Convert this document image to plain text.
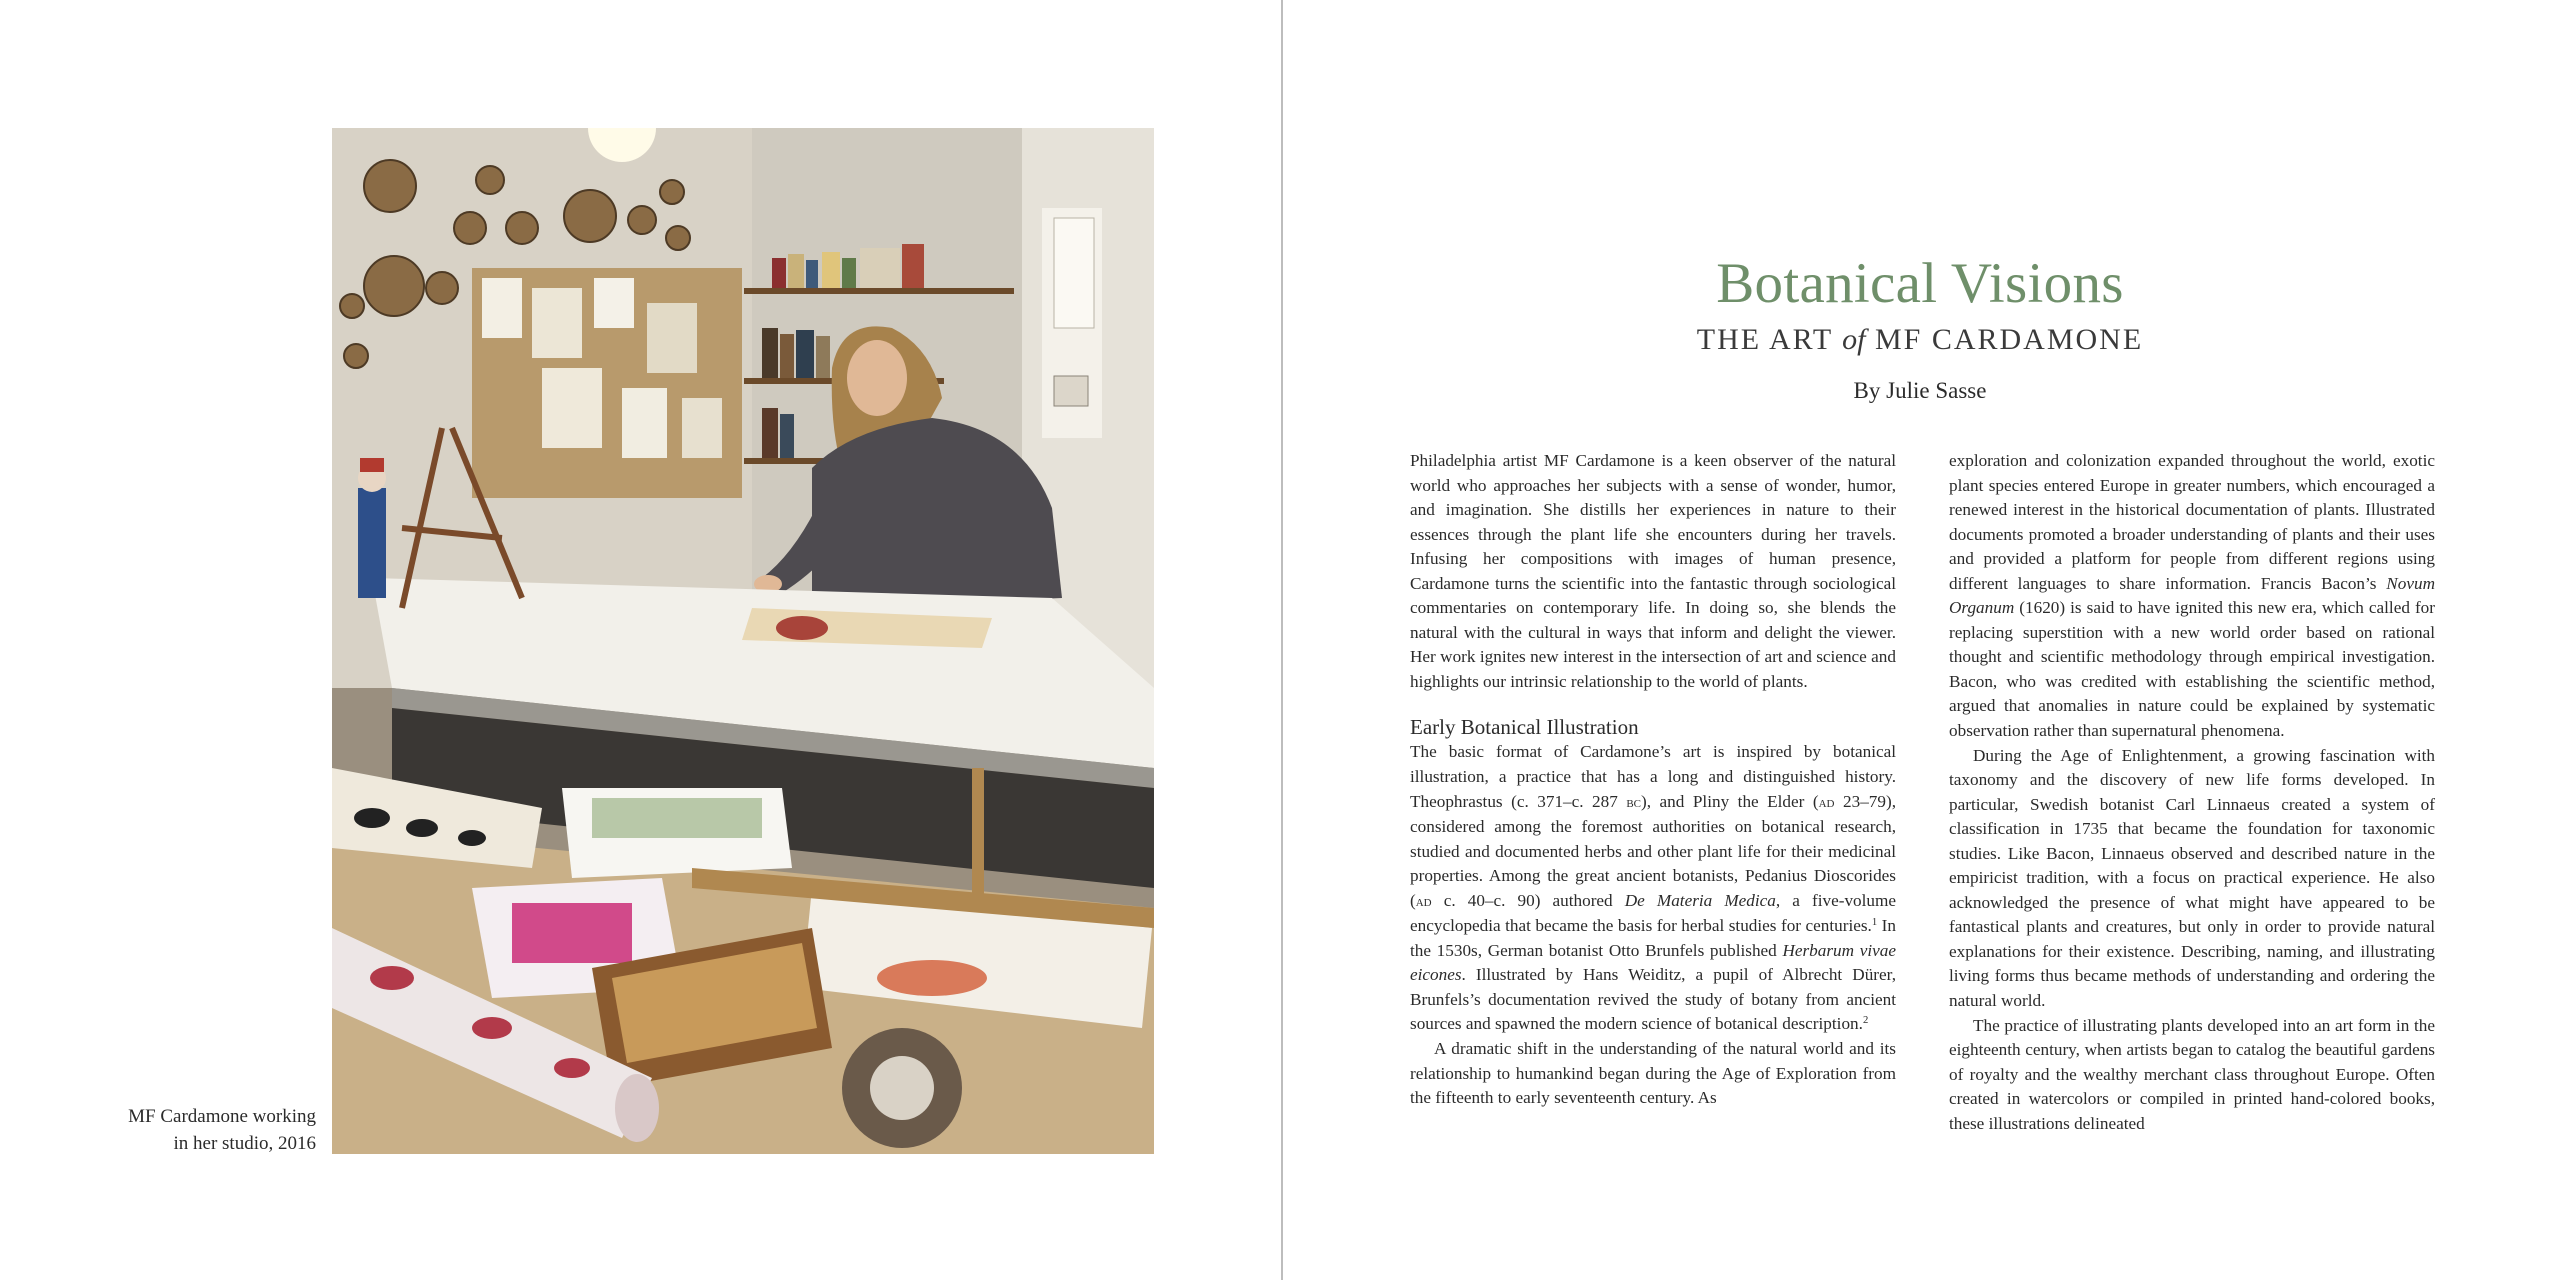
MF Cardamone working
in her studio, 2016
Botanical Visions
THE ART of MF CARDAMONE
By Julie Sasse

Philadelphia artist MF Cardamone is a keen observer of the natural world who approaches her subjects with a sense of wonder, humor, and imagination. She distills her experiences in nature to their essences through the plant life she encounters during her travels. Infusing her compositions with images of human presence, Cardamone turns the scientific into the fantastic through sociological commentaries on contemporary life. In doing so, she blends the natural with the cultural in ways that inform and delight the viewer. Her work ignites new interest in the intersection of art and science and highlights our intrinsic relationship to the world of plants.

Early Botanical Illustration

The basic format of Cardamone’s art is inspired by botanical illustration, a practice that has a long and distinguished history. Theophrastus (c. 371–c. 287 bc), and Pliny the Elder (ad 23–79), considered among the foremost authorities on botanical research, studied and documented herbs and other plant life for their medicinal properties. Among the great ancient botanists, Pedanius Dioscorides (ad c. 40–c. 90) authored De Materia Medica, a five-volume encyclopedia that became the basis for herbal studies for centuries.$^1$ In the 1530s, German botanist Otto Brunfels published Herbarum vivae eicones. Illustrated by Hans Weiditz, a pupil of Albrecht Dürer, Brunfels’s documentation revived the study of botany from ancient sources and spawned the modern science of botanical description.$^2$

A dramatic shift in the understanding of the natural world and its relationship to humankind began during the Age of Exploration from the fifteenth to early seventeenth century. As

exploration and colonization expanded throughout the world, exotic plant species entered Europe in greater numbers, which encouraged a renewed interest in the historical documentation of plants. Illustrated documents promoted a broader understanding of plants and their uses and provided a platform for people from different regions using different languages to share information. Francis Bacon’s Novum Organum (1620) is said to have ignited this new era, which called for replacing superstition with a new world order based on rational thought and scientific methodology through empirical investigation. Bacon, who was credited with establishing the scientific method, argued that anomalies in nature could be explained by systematic observation rather than supernatural phenomena.

During the Age of Enlightenment, a growing fascination with taxonomy and the discovery of new life forms developed. In particular, Swedish botanist Carl Linnaeus created a system of classification in 1735 that became the foundation for taxonomic studies. Like Bacon, Linnaeus observed and described nature in the empiricist tradition, with a focus on practical experience. He also acknowledged the presence of what might have appeared to be fantastical plants and creatures, but only in order to provide natural explanations for their existence. Describing, naming, and illustrating living forms thus became methods of understanding and ordering the natural world.

The practice of illustrating plants developed into an art form in the eighteenth century, when artists began to catalog the beautiful gardens of royalty and the wealthy merchant class throughout Europe. Often created in watercolors or compiled in printed hand-colored books, these illustrations delineated
